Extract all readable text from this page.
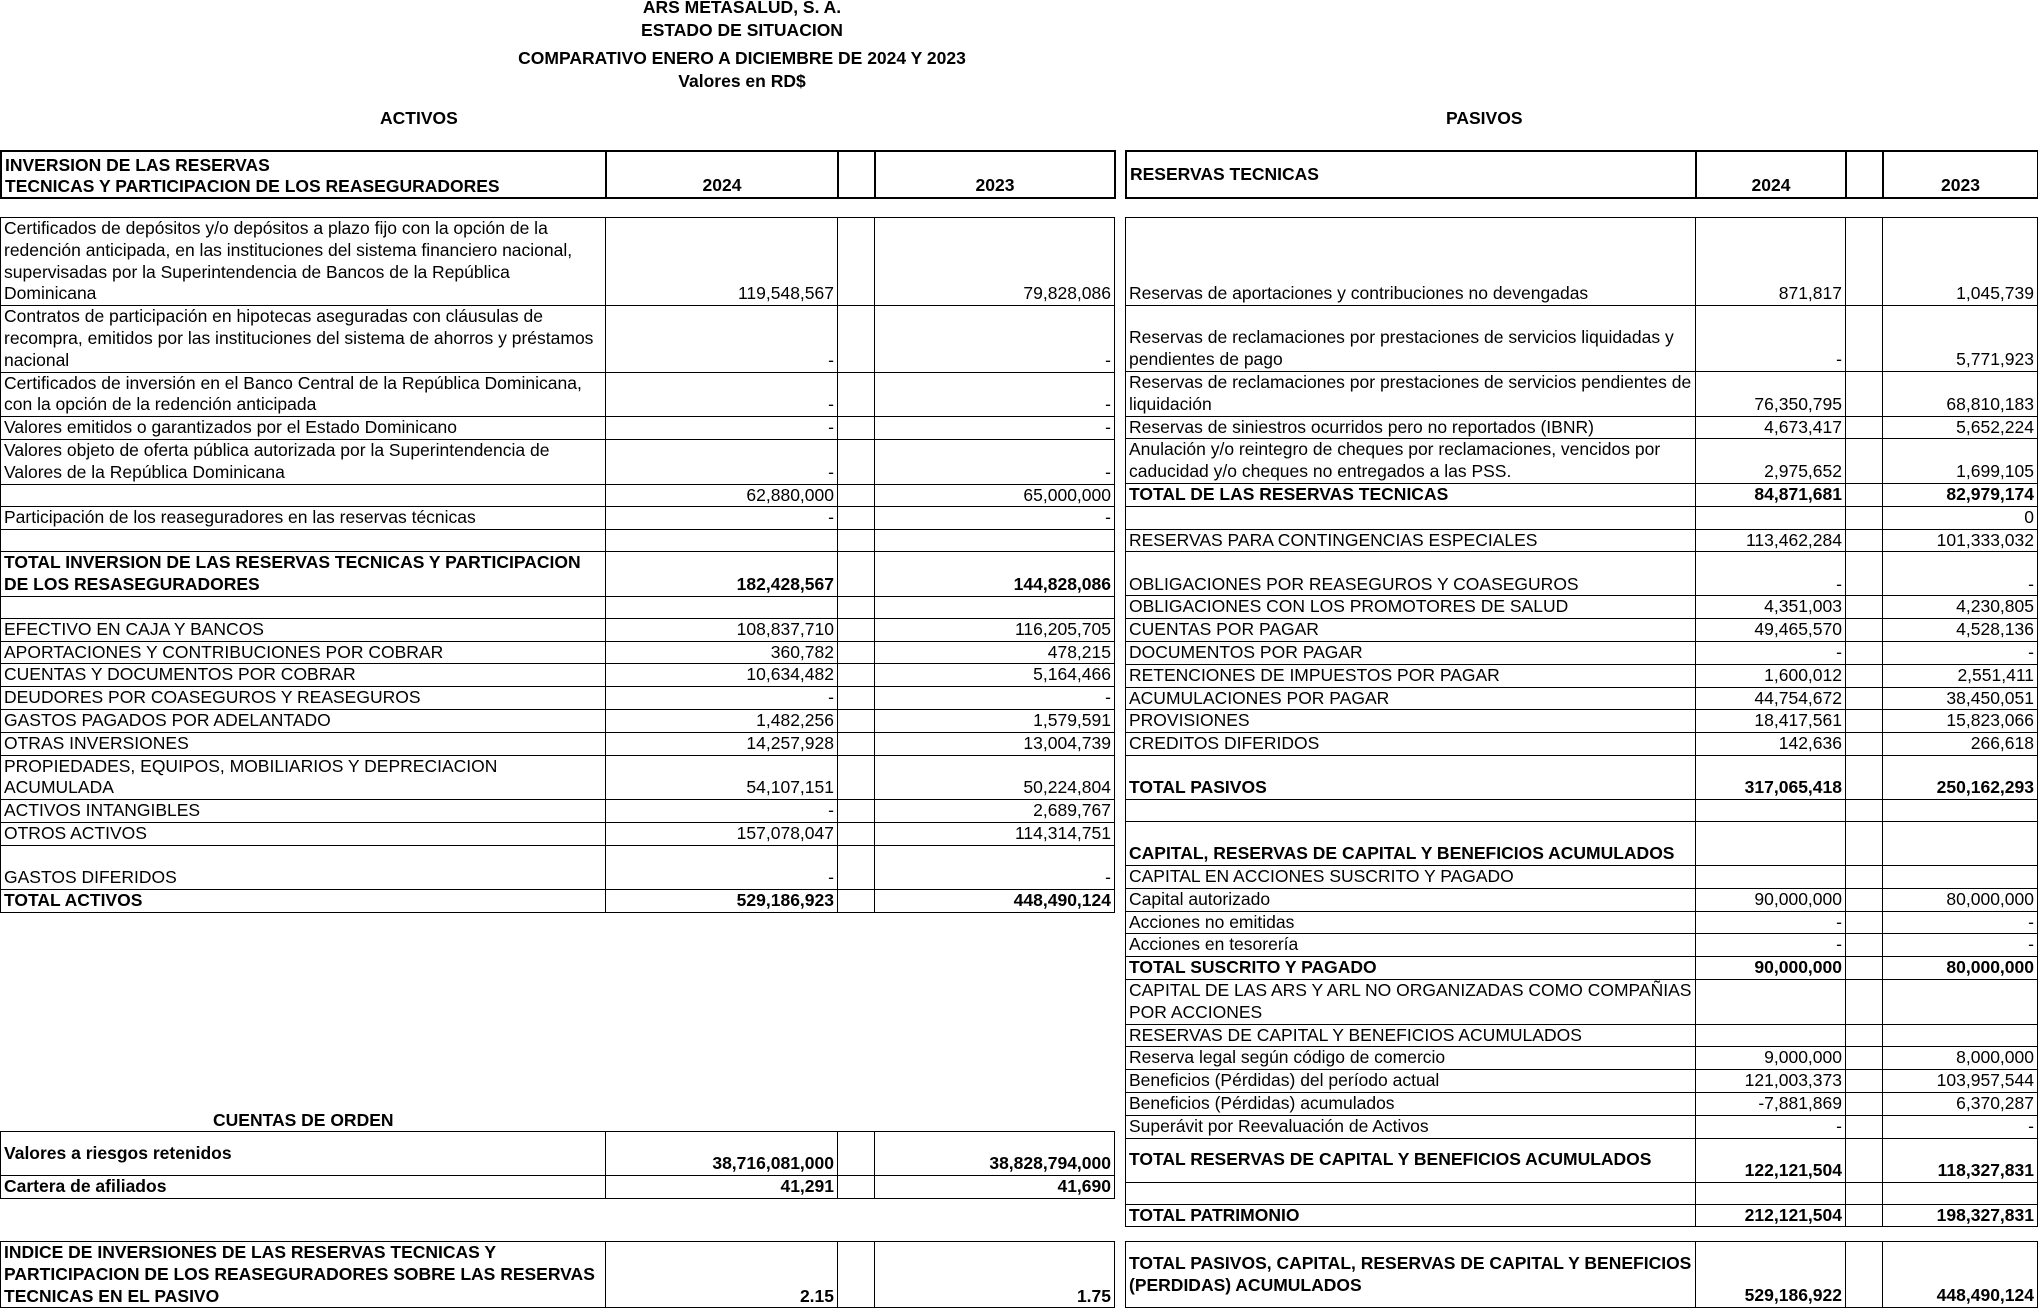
ARS METASALUD, S. A.
ESTADO DE SITUACION
COMPARATIVO ENERO A DICIEMBRE DE 2024 Y 2023
Valores en RD$
ACTIVOS	PASIVOS
INVERSION DE LAS RESERVAS
TECNICAS Y PARTICIPACION DE LOS REASEGURADORES	2024		2023
Certificados de depósitos y/o depósitos a plazo fijo con la opción de la redención anticipada, en las instituciones del sistema financiero nacional, supervisadas por la Superintendencia de Bancos de la República Dominicana	119,548,567		79,828,086
Contratos de participación en hipotecas aseguradas con cláusulas de recompra, emitidos por las instituciones del sistema de ahorros y préstamos nacional	-		-
Certificados de inversión en el Banco Central de la República Dominicana, con la opción de la redención anticipada	-		-
Valores emitidos o garantizados por el Estado Dominicano	-		-
Valores objeto de oferta pública autorizada por la Superintendencia de Valores de la República Dominicana	-		-
	62,880,000		65,000,000
Participación de los reaseguradores en las reservas técnicas	-		-

TOTAL INVERSION DE LAS RESERVAS TECNICAS Y PARTICIPACION DE LOS RESASEGURADORES	182,428,567		144,828,086

EFECTIVO EN CAJA Y BANCOS	108,837,710		116,205,705
APORTACIONES Y CONTRIBUCIONES POR COBRAR	360,782		478,215
CUENTAS Y DOCUMENTOS POR COBRAR	10,634,482		5,164,466
DEUDORES POR COASEGUROS Y REASEGUROS	-		-
GASTOS PAGADOS POR ADELANTADO	1,482,256		1,579,591
OTRAS INVERSIONES	14,257,928		13,004,739
PROPIEDADES, EQUIPOS, MOBILIARIOS Y DEPRECIACION ACUMULADA	54,107,151		50,224,804
ACTIVOS INTANGIBLES	-		2,689,767
OTROS ACTIVOS	157,078,047		114,314,751
GASTOS DIFERIDOS	-		-
TOTAL ACTIVOS	529,186,923		448,490,124
CUENTAS DE ORDEN
Valores a riesgos retenidos	38,716,081,000		38,828,794,000
Cartera de afiliados	41,291		41,690
INDICE DE INVERSIONES DE LAS RESERVAS TECNICAS Y PARTICIPACION DE LOS REASEGURADORES SOBRE LAS RESERVAS TECNICAS EN EL PASIVO	2.15		1.75
RESERVAS TECNICAS	2024		2023
Reservas de aportaciones y contribuciones no devengadas	871,817		1,045,739
Reservas de reclamaciones por prestaciones de servicios liquidadas y pendientes de pago	-		5,771,923
Reservas de reclamaciones por prestaciones de servicios pendientes de liquidación	76,350,795		68,810,183
Reservas de siniestros ocurridos pero no reportados (IBNR)	4,673,417		5,652,224
Anulación y/o reintegro de cheques por reclamaciones, vencidos por caducidad y/o cheques no entregados a las PSS.	2,975,652		1,699,105
TOTAL DE LAS RESERVAS TECNICAS	84,871,681		82,979,174
			0
RESERVAS PARA CONTINGENCIAS ESPECIALES	113,462,284		101,333,032
OBLIGACIONES POR REASEGUROS Y COASEGUROS	-		-
OBLIGACIONES CON LOS PROMOTORES DE SALUD	4,351,003		4,230,805
CUENTAS POR PAGAR	49,465,570		4,528,136
DOCUMENTOS POR PAGAR	-		-
RETENCIONES DE IMPUESTOS POR PAGAR	1,600,012		2,551,411
ACUMULACIONES POR PAGAR	44,754,672		38,450,051
PROVISIONES	18,417,561		15,823,066
CREDITOS DIFERIDOS	142,636		266,618
TOTAL PASIVOS	317,065,418		250,162,293

CAPITAL, RESERVAS DE CAPITAL Y BENEFICIOS ACUMULADOS			
CAPITAL EN ACCIONES SUSCRITO Y PAGADO			
Capital autorizado	90,000,000		80,000,000
Acciones no emitidas	-		-
Acciones en tesorería	-		-
TOTAL SUSCRITO Y PAGADO	90,000,000		80,000,000
CAPITAL DE LAS ARS Y ARL NO ORGANIZADAS COMO COMPAÑIAS POR ACCIONES			
RESERVAS DE CAPITAL Y BENEFICIOS ACUMULADOS			
Reserva legal según código de comercio	9,000,000		8,000,000
Beneficios (Pérdidas) del período actual	121,003,373		103,957,544
Beneficios (Pérdidas) acumulados	-7,881,869		6,370,287
Superávit por Reevaluación de Activos	-		-
TOTAL RESERVAS DE CAPITAL Y BENEFICIOS ACUMULADOS	122,121,504		118,327,831

TOTAL PATRIMONIO	212,121,504		198,327,831
TOTAL PASIVOS, CAPITAL, RESERVAS DE CAPITAL Y BENEFICIOS (PERDIDAS) ACUMULADOS	529,186,922		448,490,124
